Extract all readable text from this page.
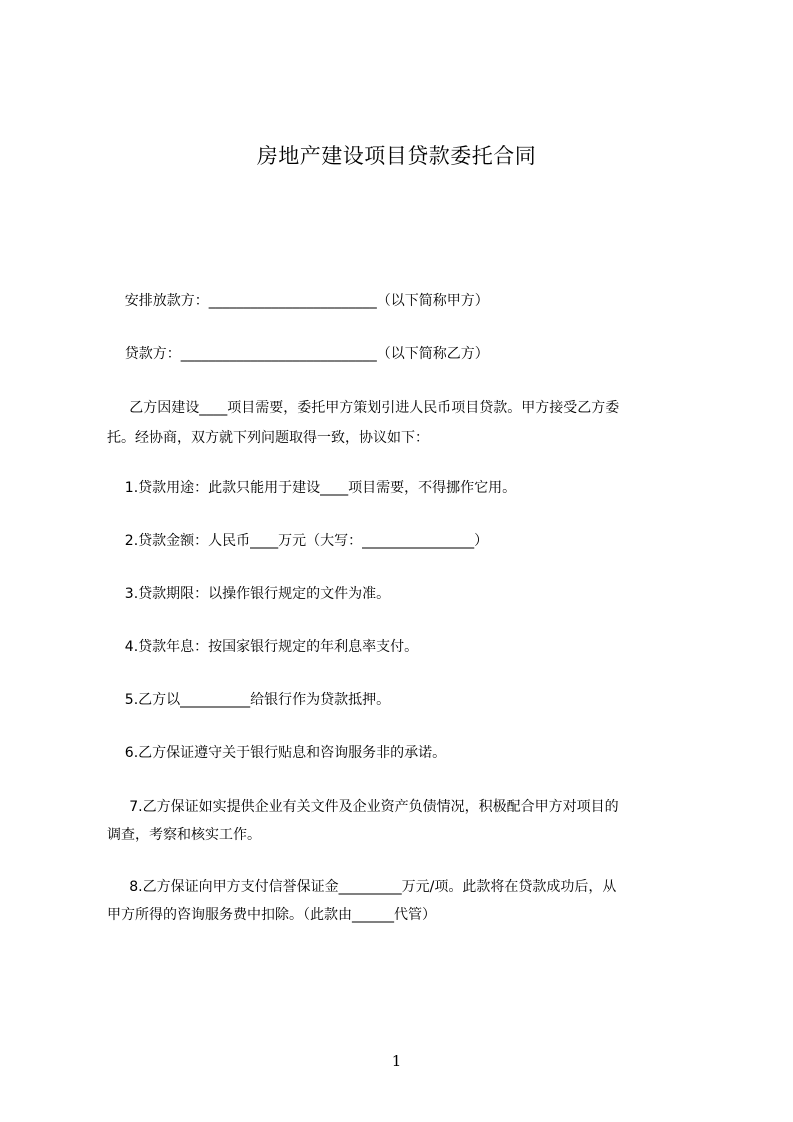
房地产建设项目贷款委托合同
安排放款方：________________________（以下简称甲方）
贷款方：____________________________（以下简称乙方）
乙方因建设____项目需要，委托甲方策划引进人民币项目贷款。甲方接受乙方委
托。经协商，双方就下列问题取得一致，协议如下：
1.贷款用途：此款只能用于建设____项目需要，不得挪作它用。
2.贷款金额：人民币____万元（大写：________________）
3.贷款期限：以操作银行规定的文件为准。
4.贷款年息：按国家银行规定的年利息率支付。
5.乙方以__________给银行作为贷款抵押。
6.乙方保证遵守关于银行贴息和咨询服务非的承诺。
7.乙方保证如实提供企业有关文件及企业资产负债情况，积极配合甲方对项目的
调查，考察和核实工作。
8.乙方保证向甲方支付信誉保证金_________万元/项。此款将在贷款成功后，从
甲方所得的咨询服务费中扣除。（此款由______代管）
1
